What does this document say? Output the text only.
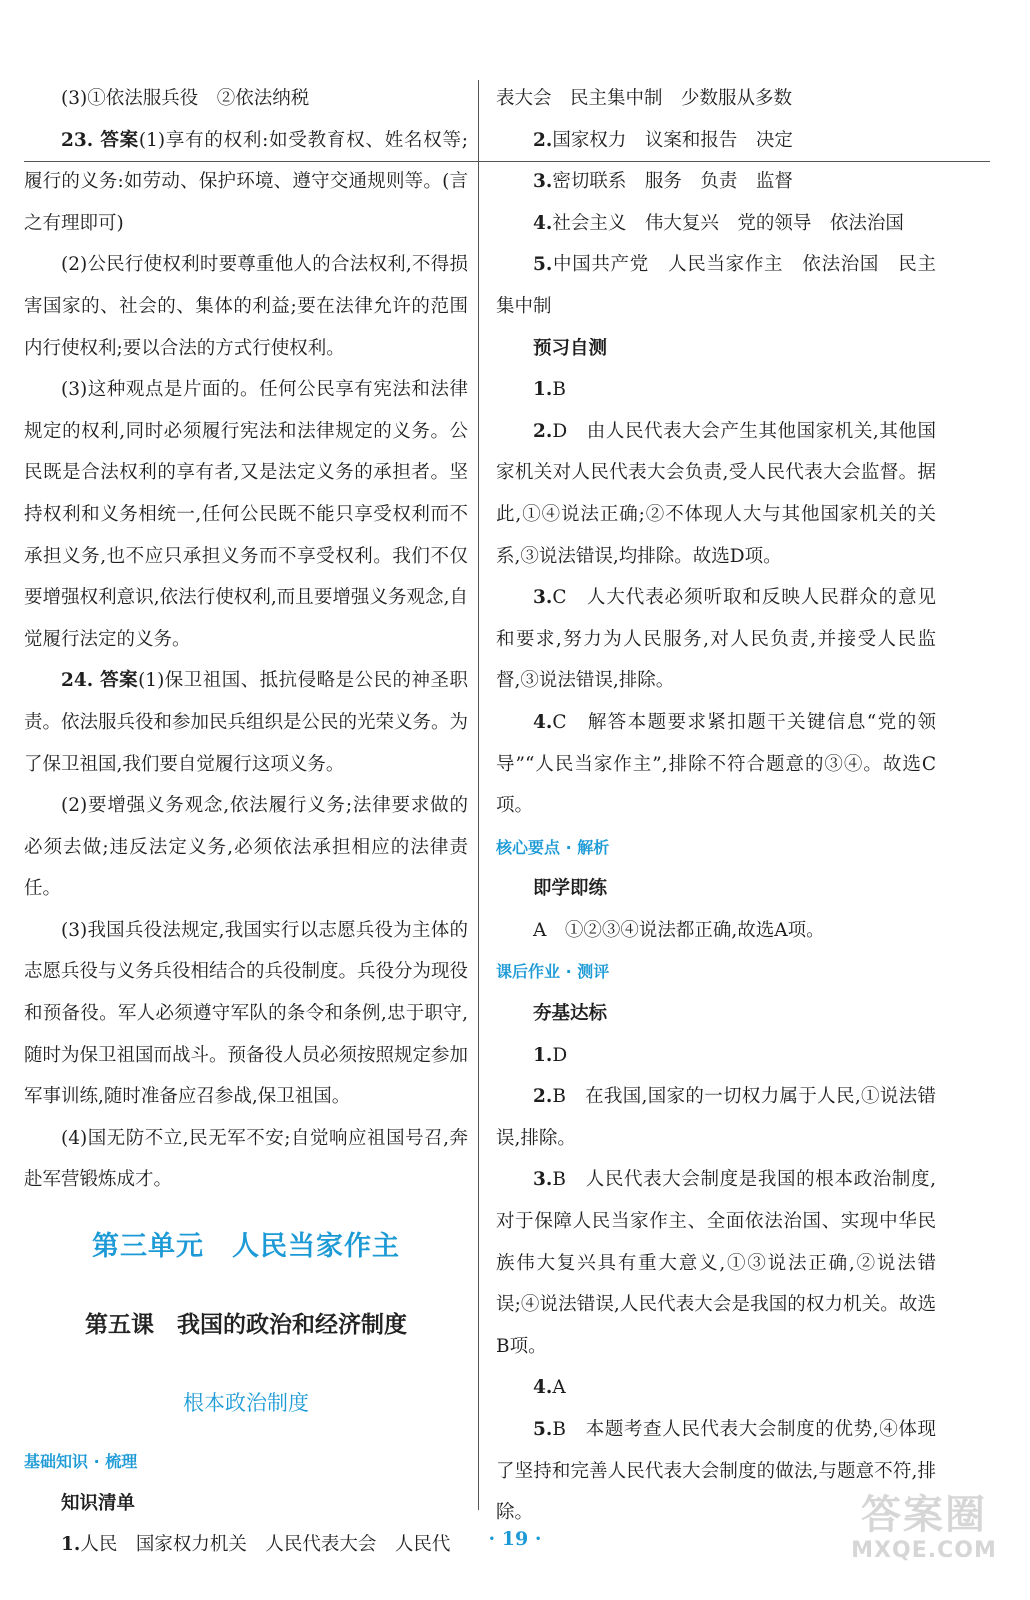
(3)①依法服兵役　②依法纳税

23. 答案(1)享有的权利:如受教育权、姓名权等;履行的义务:如劳动、保护环境、遵守交通规则等。(言之有理即可)

(2)公民行使权利时要尊重他人的合法权利,不得损害国家的、社会的、集体的利益;要在法律允许的范围内行使权利;要以合法的方式行使权利。

(3)这种观点是片面的。任何公民享有宪法和法律规定的权利,同时必须履行宪法和法律规定的义务。公民既是合法权利的享有者,又是法定义务的承担者。坚持权利和义务相统一,任何公民既不能只享受权利而不承担义务,也不应只承担义务而不享受权利。我们不仅要增强权利意识,依法行使权利,而且要增强义务观念,自觉履行法定的义务。

24. 答案(1)保卫祖国、抵抗侵略是公民的神圣职责。依法服兵役和参加民兵组织是公民的光荣义务。为了保卫祖国,我们要自觉履行这项义务。

(2)要增强义务观念,依法履行义务;法律要求做的必须去做;违反法定义务,必须依法承担相应的法律责任。

(3)我国兵役法规定,我国实行以志愿兵役为主体的志愿兵役与义务兵役相结合的兵役制度。兵役分为现役和预备役。军人必须遵守军队的条令和条例,忠于职守,随时为保卫祖国而战斗。预备役人员必须按照规定参加军事训练,随时准备应召参战,保卫祖国。

(4)国无防不立,民无军不安;自觉响应祖国号召,奔赴军营锻炼成才。

第三单元　人民当家作主
第五课　我国的政治和经济制度
根本政治制度

基础知识 · 梳理

知识清单

1.人民　国家权力机关　人民代表大会　人民代

表大会　民主集中制　少数服从多数

2.国家权力　议案和报告　决定

3.密切联系　服务　负责　监督

4.社会主义　伟大复兴　党的领导　依法治国

5.中国共产党　人民当家作主　依法治国　民主集中制

预习自测

1.B

2.D　由人民代表大会产生其他国家机关,其他国家机关对人民代表大会负责,受人民代表大会监督。据此,①④说法正确;②不体现人大与其他国家机关的关系,③说法错误,均排除。故选D项。

3.C　人大代表必须听取和反映人民群众的意见和要求,努力为人民服务,对人民负责,并接受人民监督,③说法错误,排除。

4.C　解答本题要求紧扣题干关键信息“党的领导”“人民当家作主”,排除不符合题意的③④。故选C项。

核心要点 · 解析

即学即练

A　①②③④说法都正确,故选A项。

课后作业 · 测评

夯基达标

1.D

2.B　在我国,国家的一切权力属于人民,①说法错误,排除。

3.B　人民代表大会制度是我国的根本政治制度,对于保障人民当家作主、全面依法治国、实现中华民族伟大复兴具有重大意义,①③说法正确,②说法错误;④说法错误,人民代表大会是我国的权力机关。故选B项。

4.A

5.B　本题考查人民代表大会制度的优势,④体现了坚持和完善人民代表大会制度的做法,与题意不符,排除。

· 19 ·
答案圈
MXQE.COM
